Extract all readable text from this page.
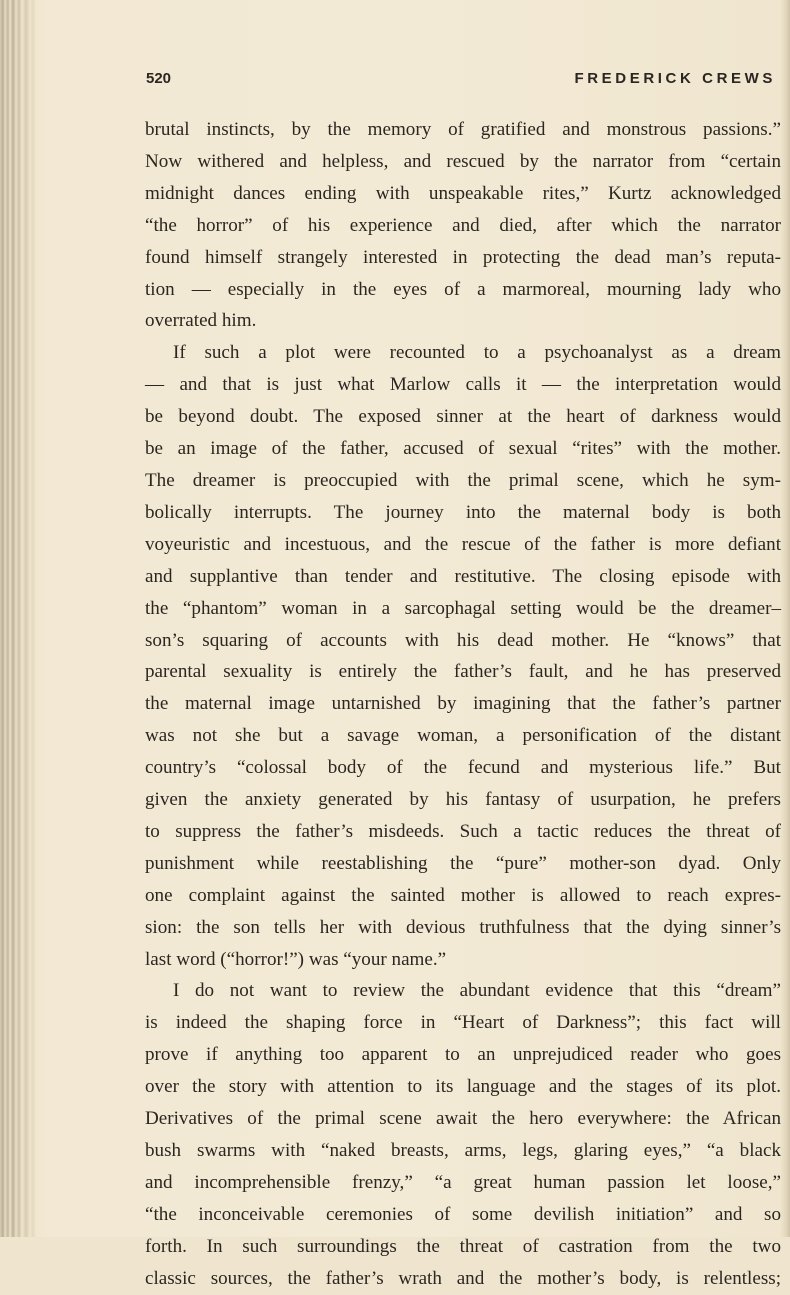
520	FREDERICK CREWS
brutal instincts, by the memory of gratified and monstrous passions.”
Now withered and helpless, and rescued by the narrator from “certain
midnight dances ending with unspeakable rites,” Kurtz acknowledged
“the horror” of his experience and died, after which the narrator
found himself strangely interested in protecting the dead man’s reputa-
tion — especially in the eyes of a marmoreal, mourning lady who
overrated him.
If such a plot were recounted to a psychoanalyst as a dream
— and that is just what Marlow calls it — the interpretation would
be beyond doubt. The exposed sinner at the heart of darkness would
be an image of the father, accused of sexual “rites” with the mother.
The dreamer is preoccupied with the primal scene, which he sym-
bolically interrupts. The journey into the maternal body is both
voyeuristic and incestuous, and the rescue of the father is more defiant
and supplantive than tender and restitutive. The closing episode with
the “phantom” woman in a sarcophagal setting would be the dreamer–
son’s squaring of accounts with his dead mother. He “knows” that
parental sexuality is entirely the father’s fault, and he has preserved
the maternal image untarnished by imagining that the father’s partner
was not she but a savage woman, a personification of the distant
country’s “colossal body of the fecund and mysterious life.” But
given the anxiety generated by his fantasy of usurpation, he prefers
to suppress the father’s misdeeds. Such a tactic reduces the threat of
punishment while reestablishing the “pure” mother-son dyad. Only
one complaint against the sainted mother is allowed to reach expres-
sion: the son tells her with devious truthfulness that the dying sinner’s
last word (“horror!”) was “your name.”
I do not want to review the abundant evidence that this “dream”
is indeed the shaping force in “Heart of Darkness”; this fact will
prove if anything too apparent to an unprejudiced reader who goes
over the story with attention to its language and the stages of its plot.
Derivatives of the primal scene await the hero everywhere: the African
bush swarms with “naked breasts, arms, legs, glaring eyes,” “a black
and incomprehensible frenzy,” “a great human passion let loose,”
“the inconceivable ceremonies of some devilish initiation” and so
forth. In such surroundings the threat of castration from the two
classic sources, the father’s wrath and the mother’s body, is relentless;
